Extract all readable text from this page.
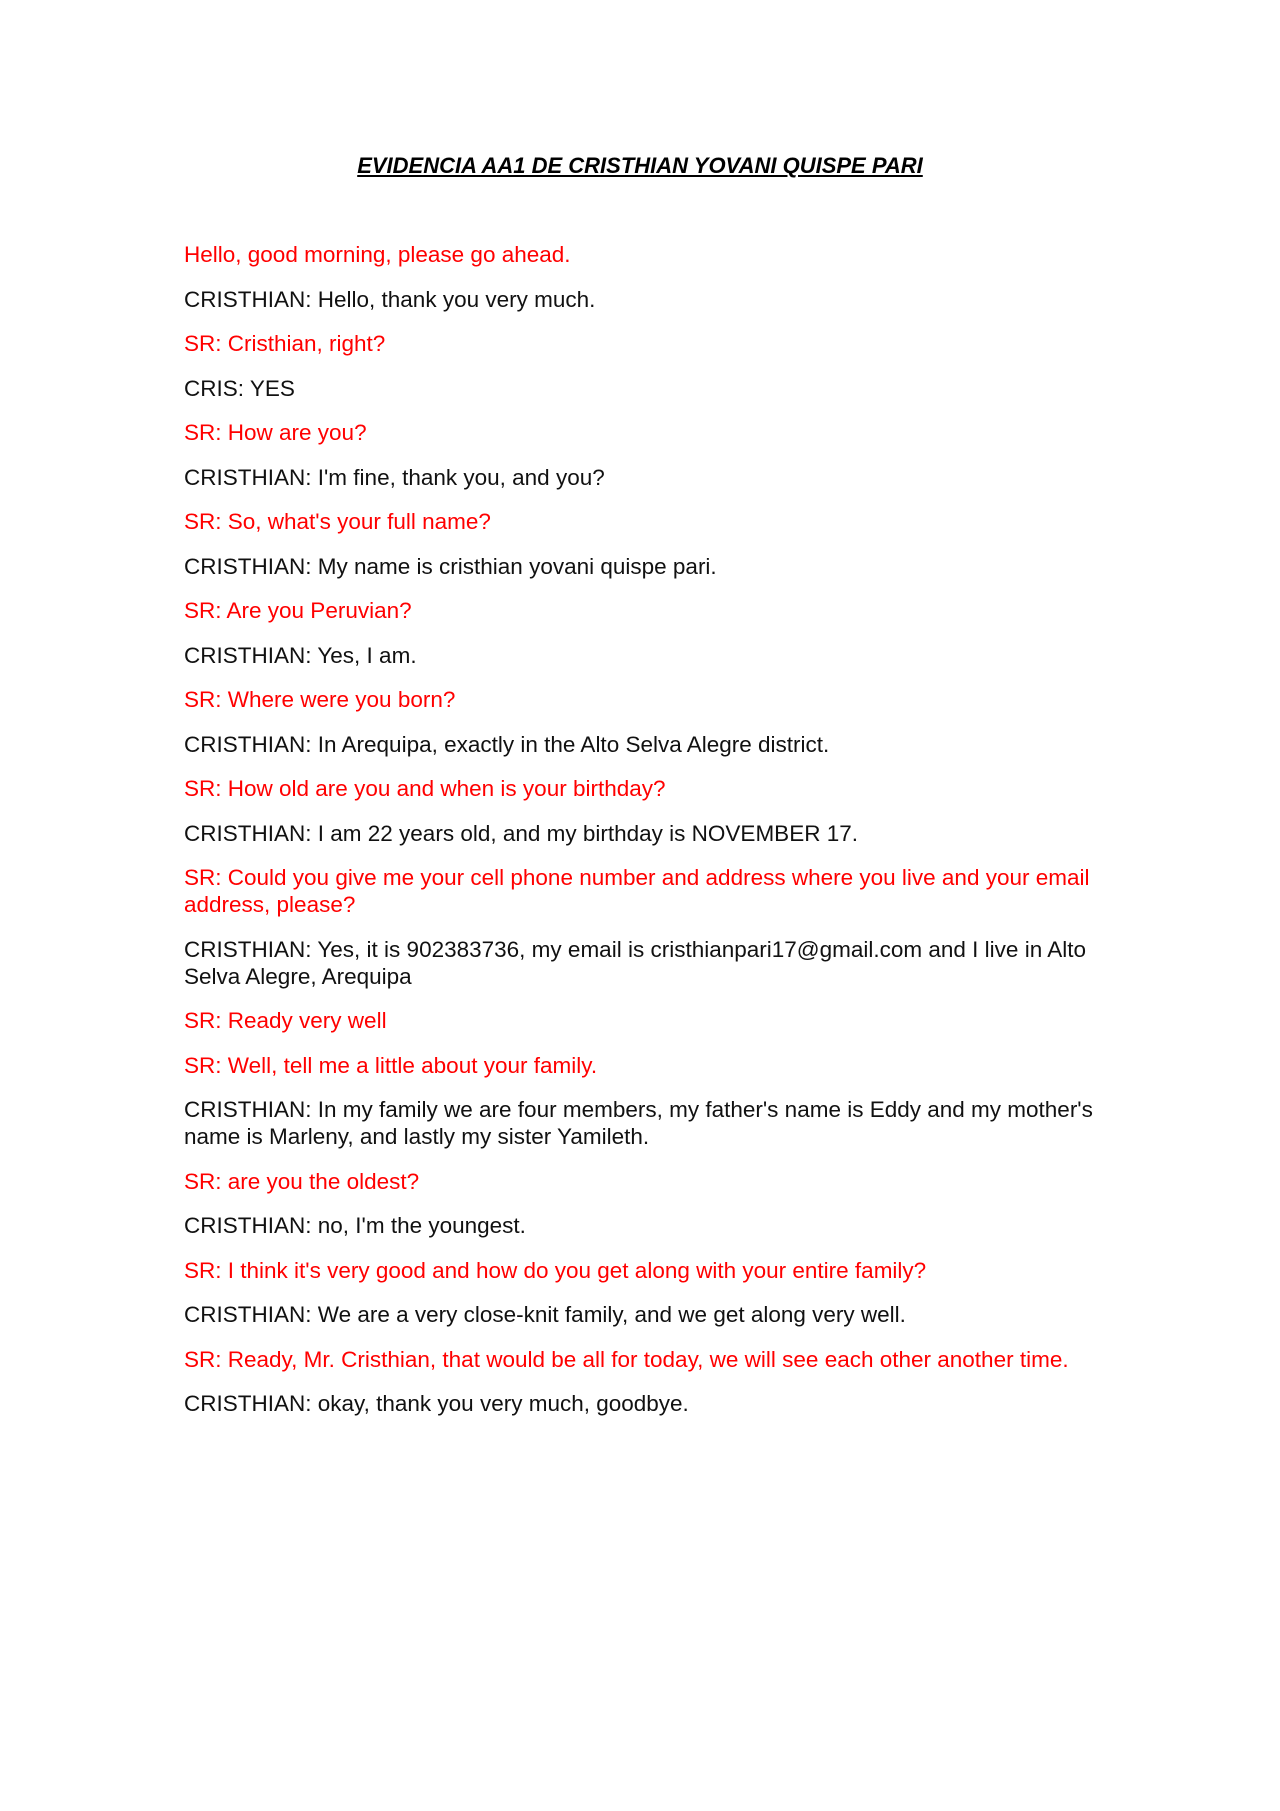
EVIDENCIA AA1 DE CRISTHIAN YOVANI QUISPE PARI

Hello, good morning, please go ahead.

CRISTHIAN: Hello, thank you very much.

SR: Cristhian, right?

CRIS: YES

SR: How are you?

CRISTHIAN: I'm fine, thank you, and you?

SR: So, what's your full name?

CRISTHIAN: My name is cristhian yovani quispe pari.

SR: Are you Peruvian?

CRISTHIAN: Yes, I am.

SR: Where were you born?

CRISTHIAN: In Arequipa, exactly in the Alto Selva Alegre district.

SR: How old are you and when is your birthday?

CRISTHIAN: I am 22 years old, and my birthday is NOVEMBER 17.

SR: Could you give me your cell phone number and address where you live and your email address, please?

CRISTHIAN: Yes, it is 902383736, my email is cristhianpari17@gmail.com and I live in Alto Selva Alegre, Arequipa

SR: Ready very well

SR: Well, tell me a little about your family.

CRISTHIAN: In my family we are four members, my father's name is Eddy and my mother's name is Marleny, and lastly my sister Yamileth.

SR: are you the oldest?

CRISTHIAN: no, I'm the youngest.

SR: I think it's very good and how do you get along with your entire family?

CRISTHIAN: We are a very close-knit family, and we get along very well.

SR: Ready, Mr. Cristhian, that would be all for today, we will see each other another time.

CRISTHIAN: okay, thank you very much, goodbye.
